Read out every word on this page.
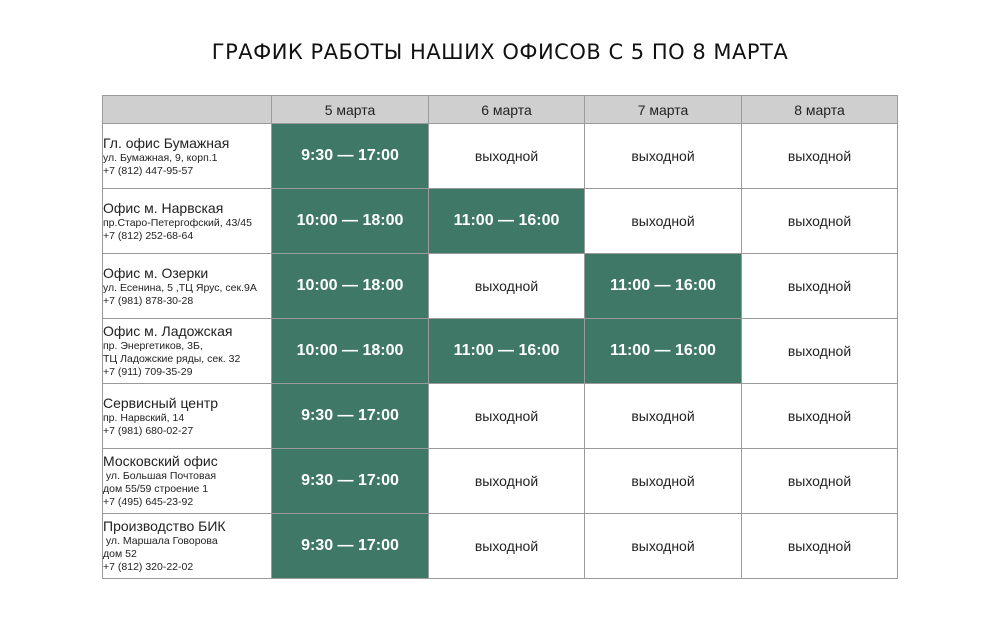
ГРАФИК РАБОТЫ НАШИХ ОФИСОВ С 5 ПО 8 МАРТА
	5 марта	6 марта	7 марта	8 марта

Гл. офис Бумажная
ул. Бумажная, 9, корп.1
+7 (812) 447-95-57	9:30 — 17:00	выходной	выходной	выходной

Офис м. Нарвская
пр.Старо-Петергофский, 43/45
+7 (812) 252-68-64	10:00 — 18:00	11:00 — 16:00	выходной	выходной

Офис м. Озерки
ул. Есенина, 5 ,ТЦ Ярус, сек.9А
+7 (981) 878-30-28	10:00 — 18:00	выходной	11:00 — 16:00	выходной

Офис м. Ладожская
пр. Энергетиков, 3Б,
ТЦ Ладожские ряды, сек. 32
+7 (911) 709-35-29	10:00 — 18:00	11:00 — 16:00	11:00 — 16:00	выходной

Сервисный центр
пр. Нарвский, 14
+7 (981) 680-02-27	9:30 — 17:00	выходной	выходной	выходной

Московский офис
ул. Большая Почтовая
дом 55/59 строение 1
+7 (495) 645-23-92	9:30 — 17:00	выходной	выходной	выходной

Производство БИК
ул. Маршала Говорова
дом 52
+7 (812) 320-22-02	9:30 — 17:00	выходной	выходной	выходной
